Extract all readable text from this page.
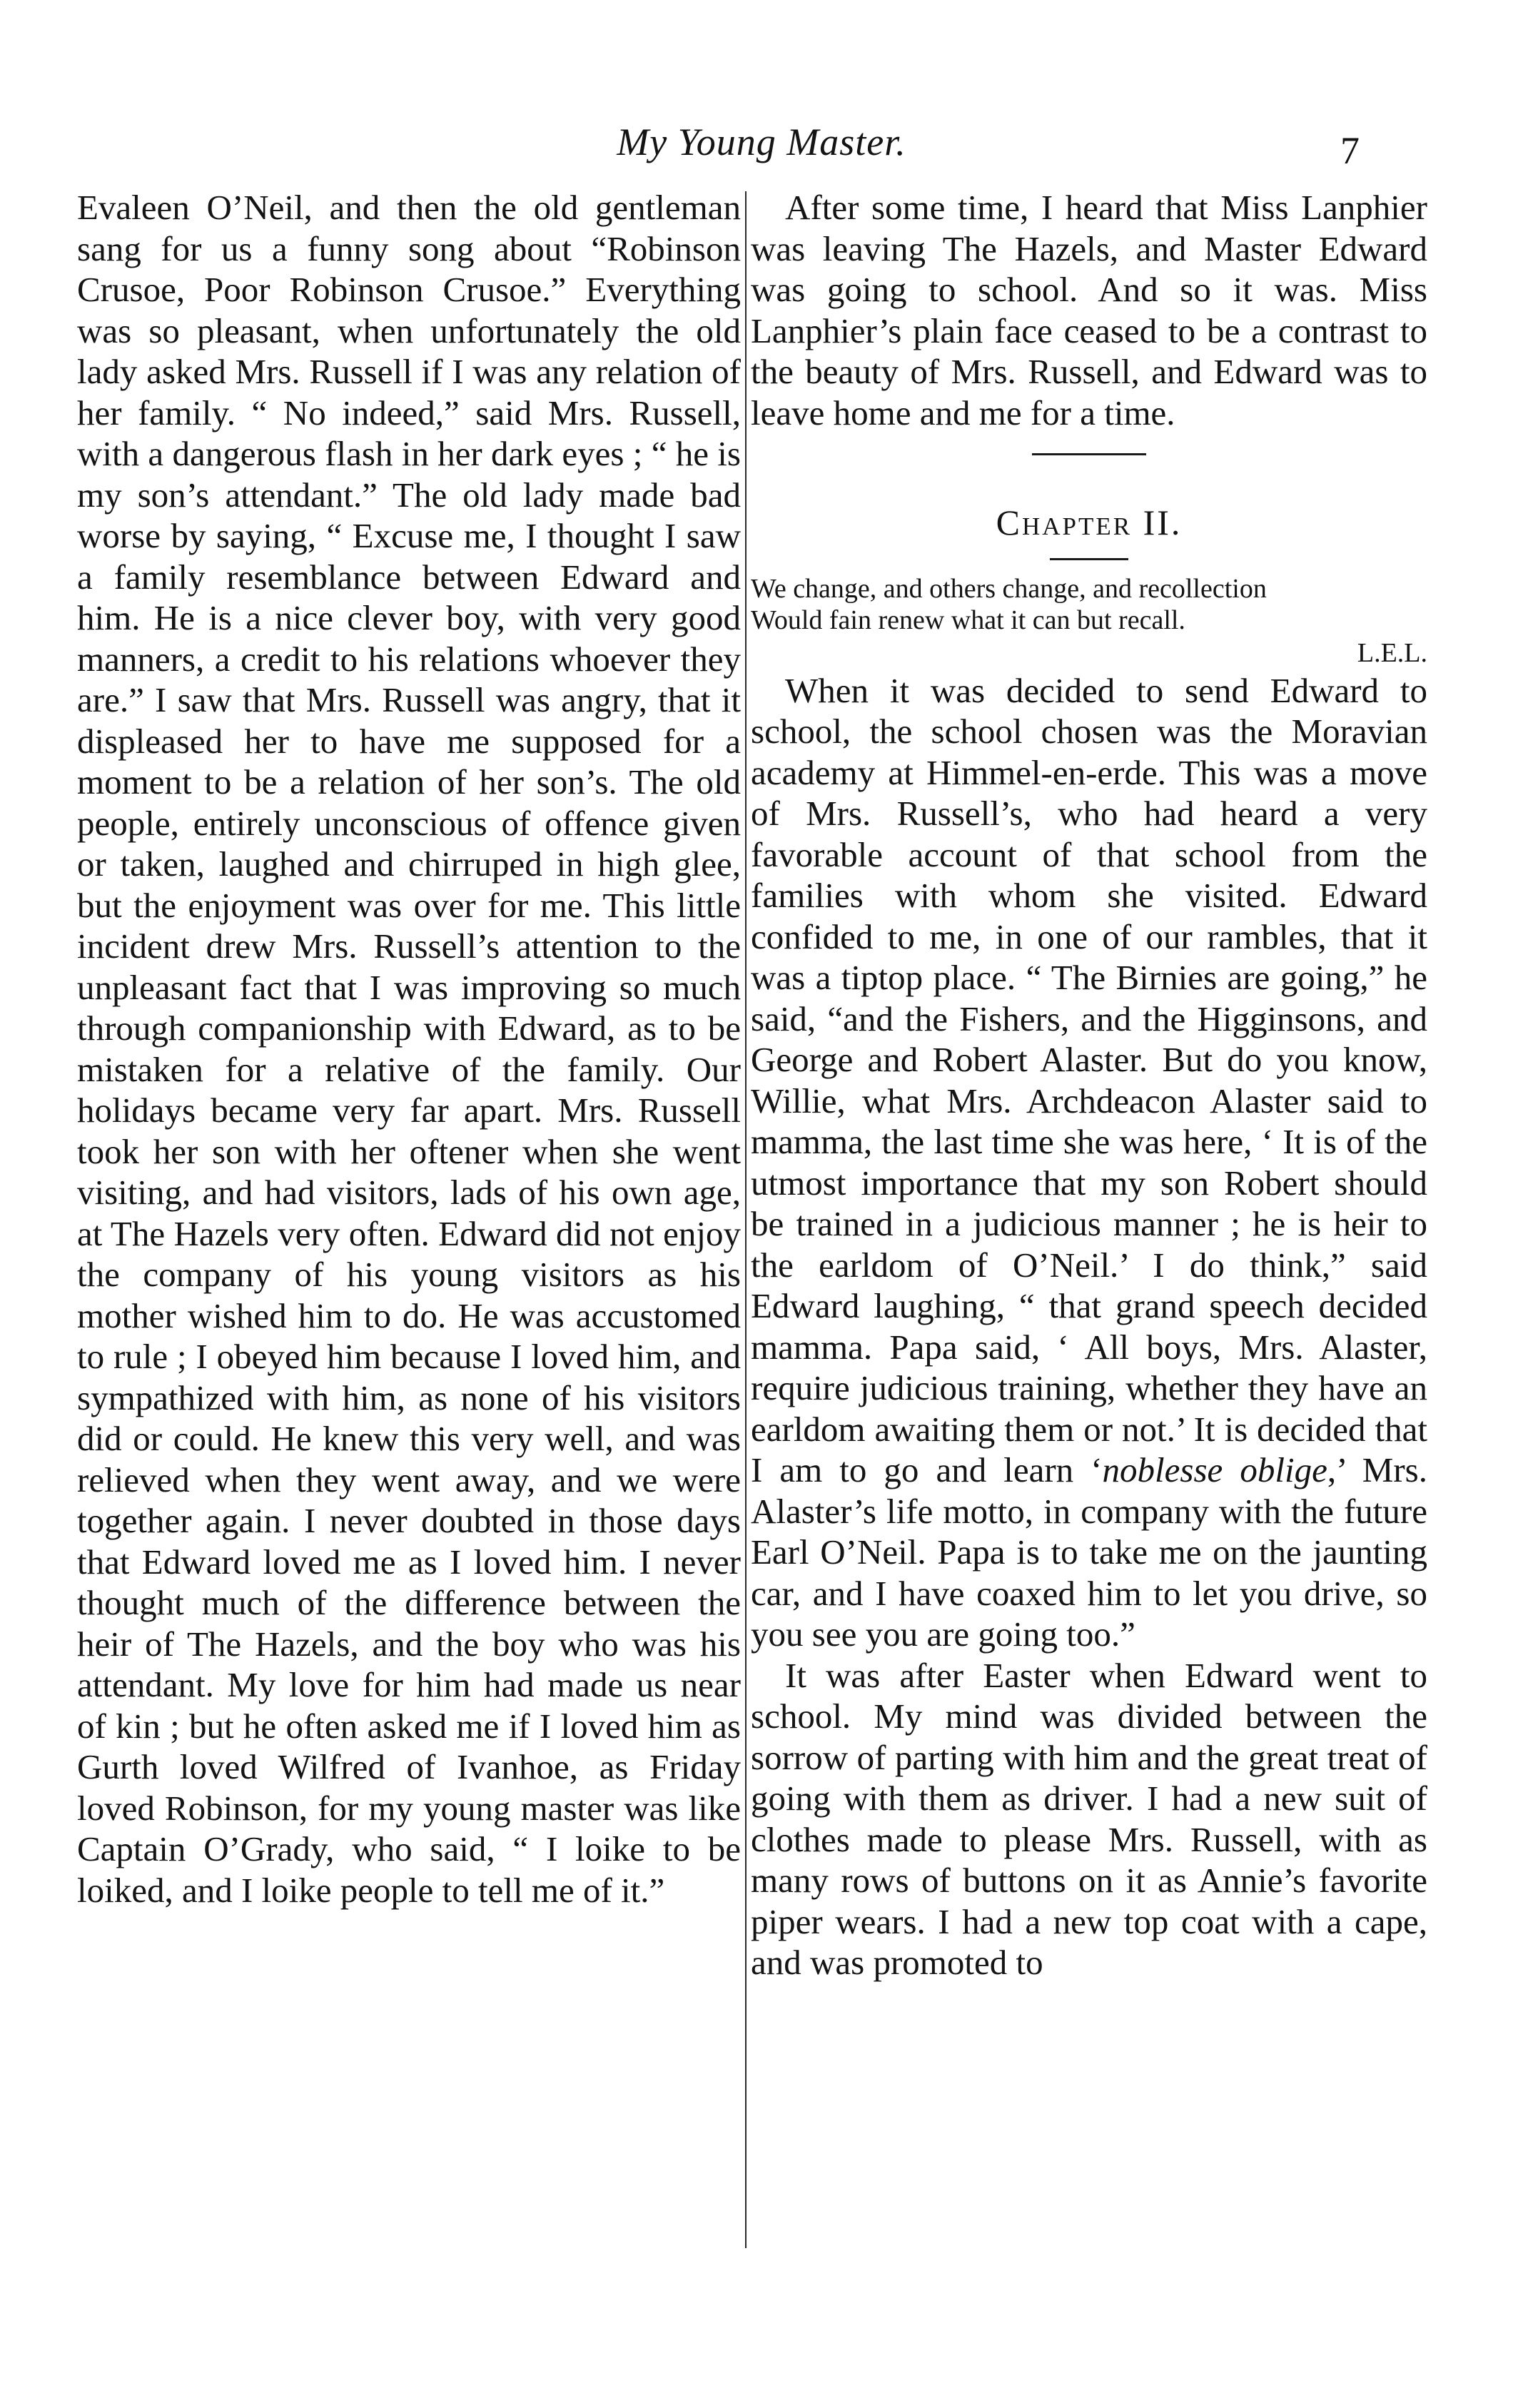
My Young Master.	7

Evaleen O’Neil, and then the old gentleman sang for us a funny song about “Robinson Crusoe, Poor Robinson Crusoe.” Everything was so pleasant, when unfortunately the old lady asked Mrs. Russell if I was any relation of her family. “ No indeed,” said Mrs. Russell, with a dangerous flash in her dark eyes ; “ he is my son’s attendant.” The old lady made bad worse by saying, “ Excuse me, I thought I saw a family resemblance between Edward and him. He is a nice clever boy, with very good manners, a credit to his relations whoever they are.” I saw that Mrs. Russell was angry, that it displeased her to have me supposed for a moment to be a relation of her son’s. The old people, entirely unconscious of offence given or taken, laughed and chirruped in high glee, but the enjoyment was over for me. This little incident drew Mrs. Russell’s attention to the unpleasant fact that I was improving so much through companionship with Edward, as to be mistaken for a relative of the family. Our holidays became very far apart. Mrs. Russell took her son with her oftener when she went visiting, and had visitors, lads of his own age, at The Hazels very often. Edward did not enjoy the company of his young visitors as his mother wished him to do. He was accustomed to rule ; I obeyed him because I loved him, and sympathized with him, as none of his visitors did or could. He knew this very well, and was relieved when they went away, and we were together again. I never doubted in those days that Edward loved me as I loved him. I never thought much of the difference between the heir of The Hazels, and the boy who was his attendant. My love for him had made us near of kin ; but he often asked me if I loved him as Gurth loved Wilfred of Ivanhoe, as Friday loved Robinson, for my young master was like Captain O’Grady, who said, “ I loike to be loiked, and I loike people to tell me of it.”

After some time, I heard that Miss Lanphier was leaving The Hazels, and Master Edward was going to school. And so it was. Miss Lanphier’s plain face ceased to be a contrast to the beauty of Mrs. Russell, and Edward was to leave home and me for a time.

Chapter II.

We change, and others change, and recollection

Would fain renew what it can but recall.

L.E.L.

When it was decided to send Edward to school, the school chosen was the Moravian academy at Himmel-en-erde. This was a move of Mrs. Russell’s, who had heard a very favorable account of that school from the families with whom she visited. Edward confided to me, in one of our rambles, that it was a tiptop place. “ The Birnies are going,” he said, “and the Fishers, and the Higginsons, and George and Robert Alaster. But do you know, Willie, what Mrs. Archdeacon Alaster said to mamma, the last time she was here, ‘ It is of the utmost importance that my son Robert should be trained in a judicious manner ; he is heir to the earldom of O’Neil.’ I do think,” said Edward laughing, “ that grand speech decided mamma. Papa said, ‘ All boys, Mrs. Alaster, require judicious training, whether they have an earldom awaiting them or not.’ It is decided that I am to go and learn ‘noblesse oblige,’ Mrs. Alaster’s life motto, in company with the future Earl O’Neil. Papa is to take me on the jaunting car, and I have coaxed him to let you drive, so you see you are going too.”

It was after Easter when Edward went to school. My mind was divided between the sorrow of parting with him and the great treat of going with them as driver. I had a new suit of clothes made to please Mrs. Russell, with as many rows of buttons on it as Annie’s favorite piper wears. I had a new top coat with a cape, and was promoted to
